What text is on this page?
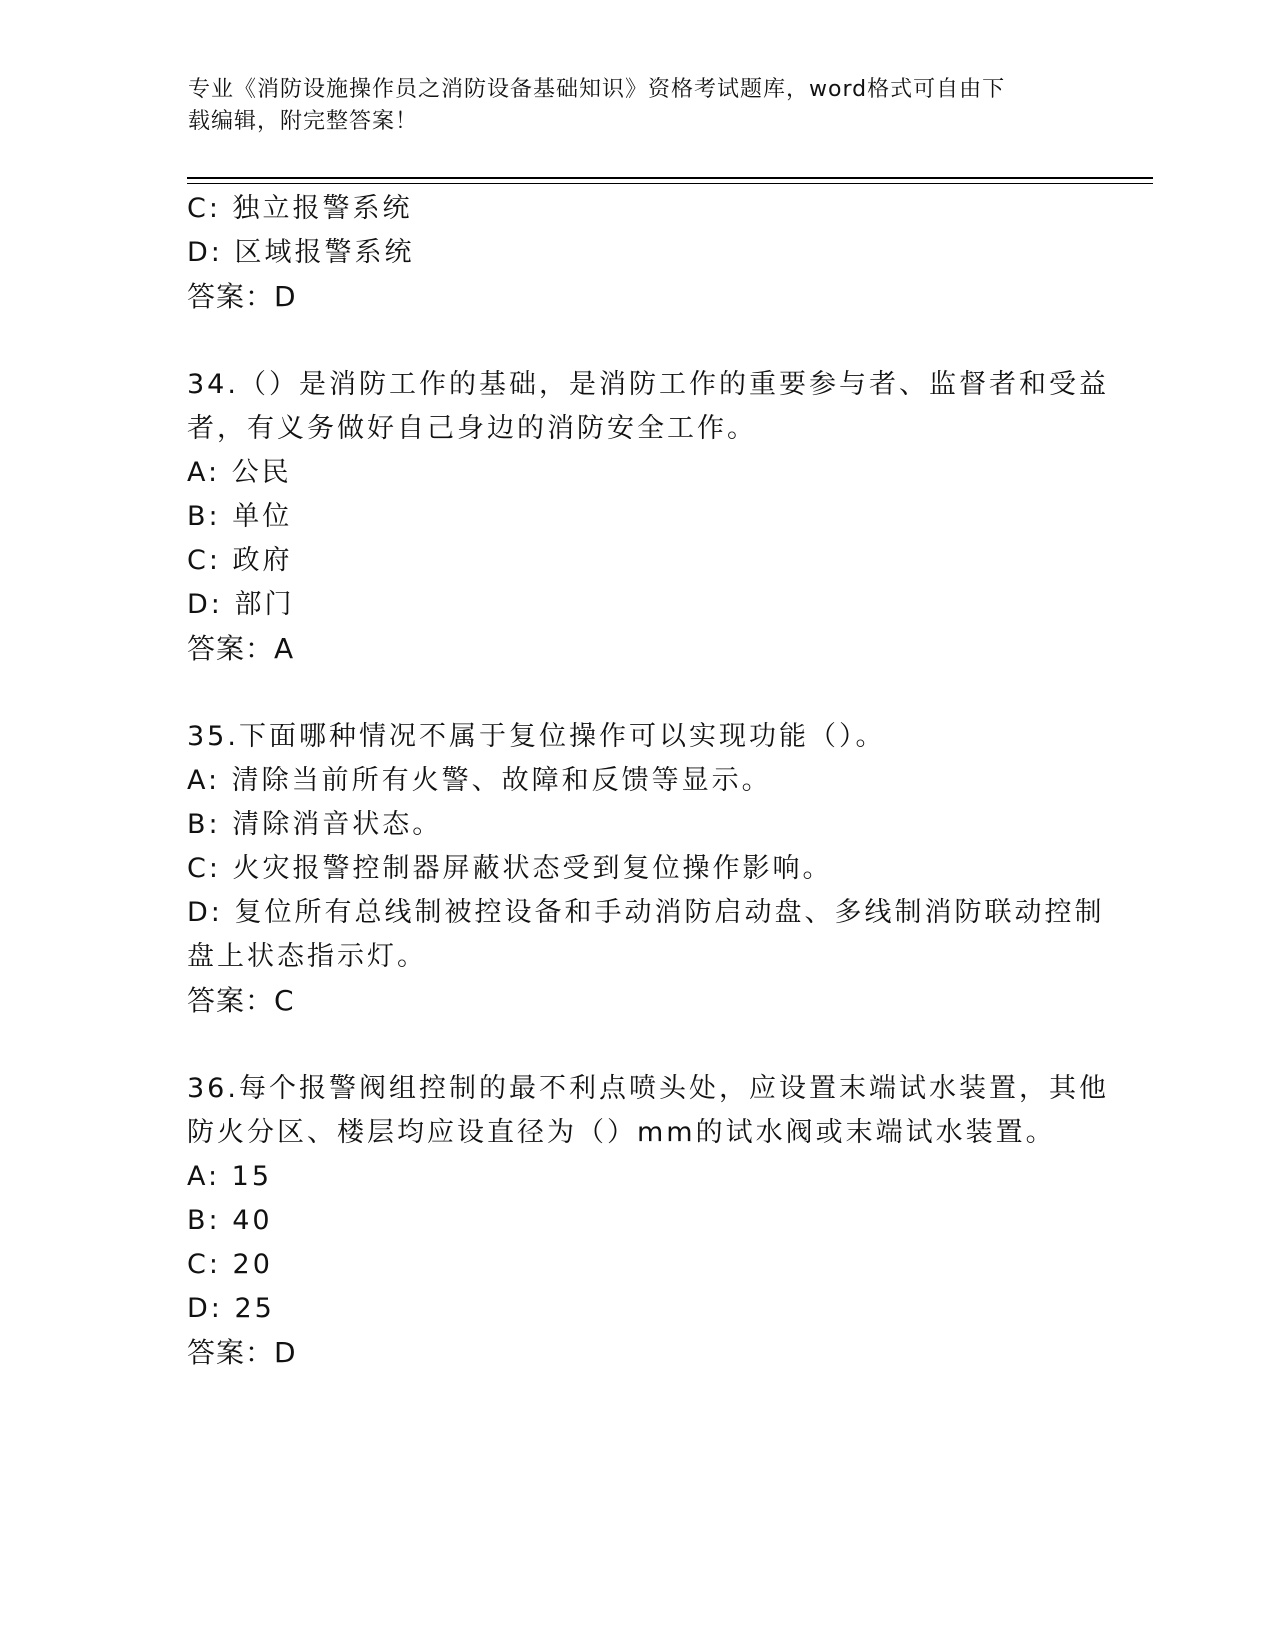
专业《消防设施操作员之消防设备基础知识》资格考试题库，word格式可自由下
载编辑，附完整答案！
C: 独立报警系统
D: 区域报警系统
答案：D
34.（）是消防工作的基础，是消防工作的重要参与者、监督者和受益
者，有义务做好自己身边的消防安全工作。
A: 公民
B: 单位
C: 政府
D: 部门
答案：A
35.下面哪种情况不属于复位操作可以实现功能（）。
A: 清除当前所有火警、故障和反馈等显示。
B: 清除消音状态。
C: 火灾报警控制器屏蔽状态受到复位操作影响。
D: 复位所有总线制被控设备和手动消防启动盘、多线制消防联动控制
盘上状态指示灯。
答案：C
36.每个报警阀组控制的最不利点喷头处，应设置末端试水装置，其他
防火分区、楼层均应设直径为（）mm的试水阀或末端试水装置。
A: 15
B: 40
C: 20
D: 25
答案：D
